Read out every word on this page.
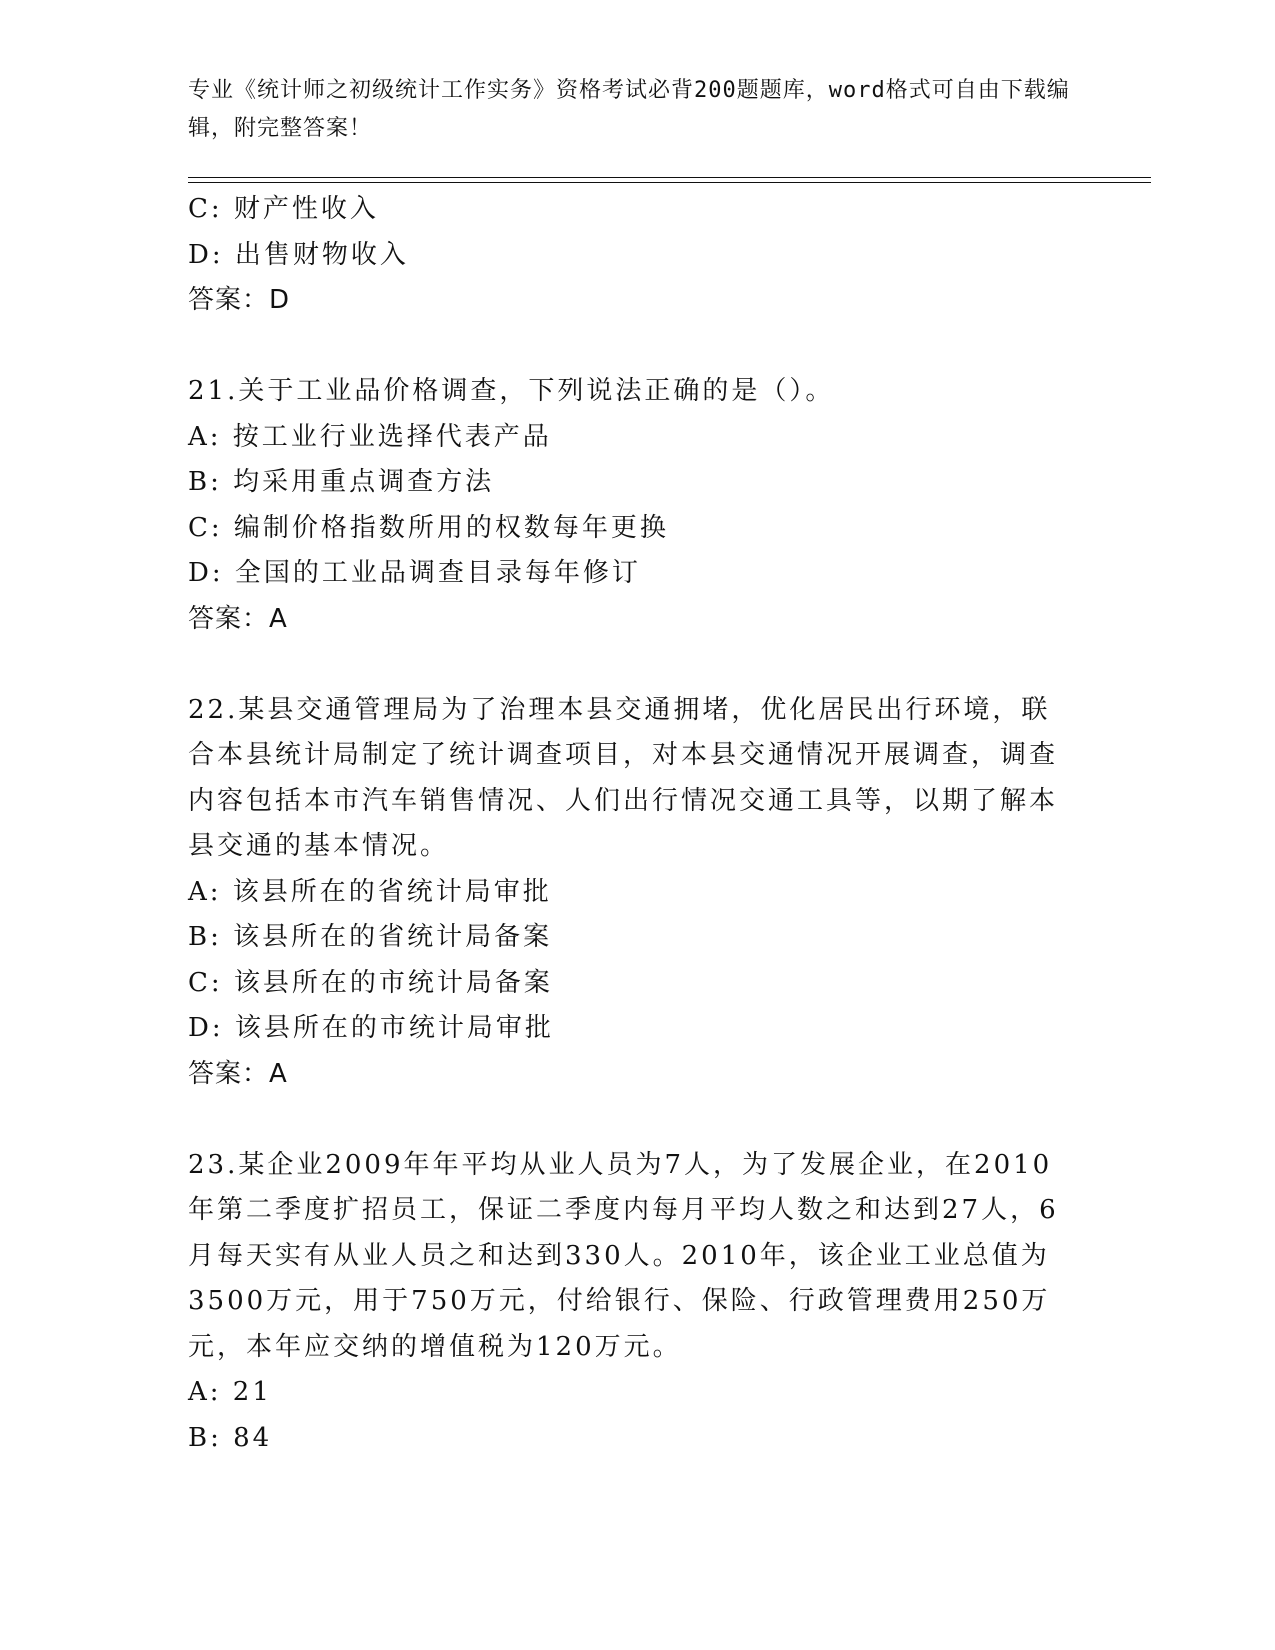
专业《统计师之初级统计工作实务》资格考试必背200题题库，word格式可自由下载编辑，附完整答案！
C: 财产性收入
D: 出售财物收入
答案：D
21.关于工业品价格调查，下列说法正确的是（）。
A: 按工业行业选择代表产品
B: 均采用重点调查方法
C: 编制价格指数所用的权数每年更换
D: 全国的工业品调查目录每年修订
答案：A
22.某县交通管理局为了治理本县交通拥堵，优化居民出行环境，联合本县统计局制定了统计调查项目，对本县交通情况开展调查，调查内容包括本市汽车销售情况、人们出行情况交通工具等，以期了解本县交通的基本情况。
A: 该县所在的省统计局审批
B: 该县所在的省统计局备案
C: 该县所在的市统计局备案
D: 该县所在的市统计局审批
答案：A
23.某企业2009年年平均从业人员为7人，为了发展企业，在2010年第二季度扩招员工，保证二季度内每月平均人数之和达到27人，6月每天实有从业人员之和达到330人。2010年，该企业工业总值为3500万元，用于750万元，付给银行、保险、行政管理费用250万元，本年应交纳的增值税为120万元。
A: 21
B: 84
